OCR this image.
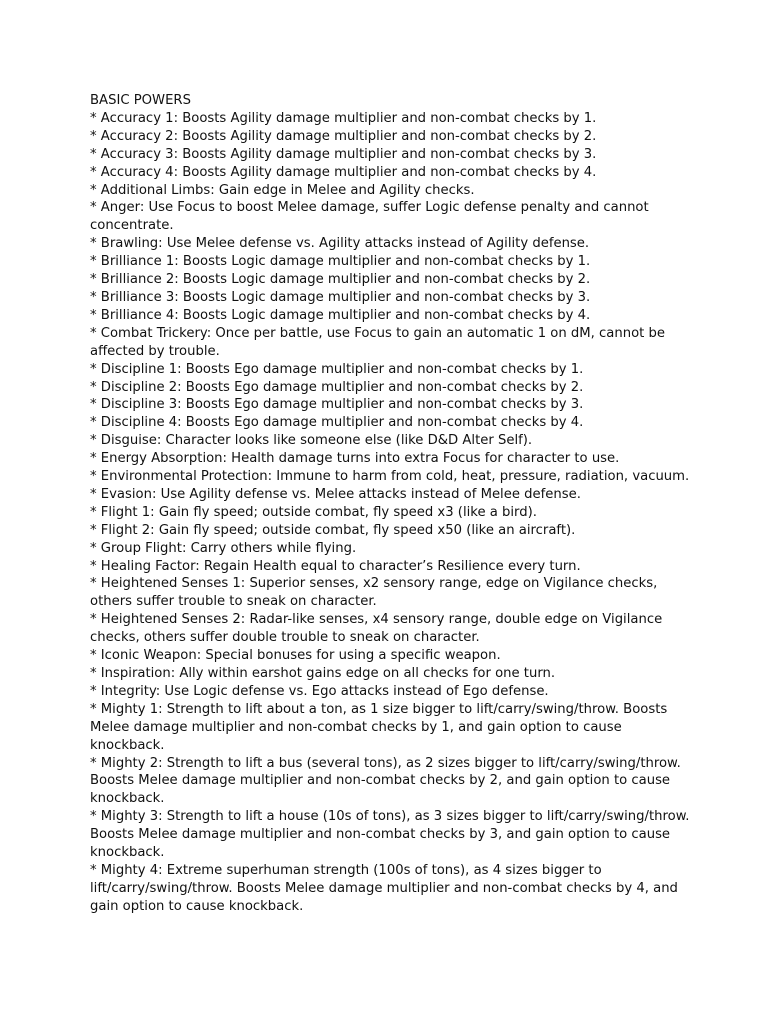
BASIC POWERS

* Accuracy 1: Boosts Agility damage multiplier and non-combat checks by 1.
* Accuracy 2: Boosts Agility damage multiplier and non-combat checks by 2.
* Accuracy 3: Boosts Agility damage multiplier and non-combat checks by 3.
* Accuracy 4: Boosts Agility damage multiplier and non-combat checks by 4.
* Additional Limbs: Gain edge in Melee and Agility checks.
* Anger: Use Focus to boost Melee damage, suffer Logic defense penalty and cannot concentrate.
* Brawling: Use Melee defense vs. Agility attacks instead of Agility defense.
* Brilliance 1: Boosts Logic damage multiplier and non-combat checks by 1.
* Brilliance 2: Boosts Logic damage multiplier and non-combat checks by 2.
* Brilliance 3: Boosts Logic damage multiplier and non-combat checks by 3.
* Brilliance 4: Boosts Logic damage multiplier and non-combat checks by 4.
* Combat Trickery: Once per battle, use Focus to gain an automatic 1 on dM, cannot be affected by trouble.
* Discipline 1: Boosts Ego damage multiplier and non-combat checks by 1.
* Discipline 2: Boosts Ego damage multiplier and non-combat checks by 2.
* Discipline 3: Boosts Ego damage multiplier and non-combat checks by 3.
* Discipline 4: Boosts Ego damage multiplier and non-combat checks by 4.
* Disguise: Character looks like someone else (like D&D Alter Self).
* Energy Absorption: Health damage turns into extra Focus for character to use.
* Environmental Protection: Immune to harm from cold, heat, pressure, radiation, vacuum.
* Evasion: Use Agility defense vs. Melee attacks instead of Melee defense.
* Flight 1: Gain fly speed; outside combat, fly speed x3 (like a bird).
* Flight 2: Gain fly speed; outside combat, fly speed x50 (like an aircraft).
* Group Flight: Carry others while flying.
* Healing Factor: Regain Health equal to character’s Resilience every turn.
* Heightened Senses 1: Superior senses, x2 sensory range, edge on Vigilance checks, others suffer trouble to sneak on character.
* Heightened Senses 2: Radar-like senses, x4 sensory range, double edge on Vigilance checks, others suffer double trouble to sneak on character.
* Iconic Weapon: Special bonuses for using a specific weapon.
* Inspiration: Ally within earshot gains edge on all checks for one turn.
* Integrity: Use Logic defense vs. Ego attacks instead of Ego defense.
* Mighty 1: Strength to lift about a ton, as 1 size bigger to lift/carry/swing/throw. Boosts Melee damage multiplier and non-combat checks by 1, and gain option to cause knockback.
* Mighty 2: Strength to lift a bus (several tons), as 2 sizes bigger to lift/carry/swing/throw. Boosts Melee damage multiplier and non-combat checks by 2, and gain option to cause knockback.
* Mighty 3: Strength to lift a house (10s of tons), as 3 sizes bigger to lift/carry/swing/throw. Boosts Melee damage multiplier and non-combat checks by 3, and gain option to cause knockback.
* Mighty 4: Extreme superhuman strength (100s of tons), as 4 sizes bigger to lift/carry/swing/throw. Boosts Melee damage multiplier and non-combat checks by 4, and gain option to cause knockback.
